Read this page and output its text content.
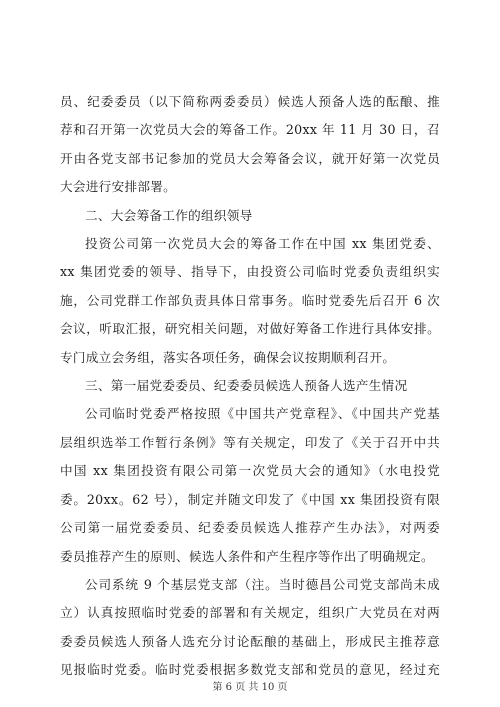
员、纪委委员（以下简称两委委员）候选人预备人选的酝酿、推
荐和召开第一次党员大会的筹备工作。20xx 年 11 月 30 日，召
开由各党支部书记参加的党员大会筹备会议，就开好第一次党员
大会进行安排部署。
二、大会筹备工作的组织领导
投资公司第一次党员大会的筹备工作在中国 xx 集团党委、
xx 集团党委的领导、指导下，由投资公司临时党委负责组织实
施，公司党群工作部负责具体日常事务。临时党委先后召开 6 次
会议，听取汇报，研究相关问题，对做好筹备工作进行具体安排。
专门成立会务组，落实各项任务，确保会议按期顺利召开。
三、第一届党委委员、纪委委员候选人预备人选产生情况
公司临时党委严格按照《中国共产党章程》、《中国共产党基
层组织选举工作暂行条例》等有关规定，印发了《关于召开中共
中国 xx 集团投资有限公司第一次党员大会的通知》（水电投党
委。20xx。62 号），制定并随文印发了《中国 xx 集团投资有限
公司第一届党委委员、纪委委员候选人推荐产生办法》，对两委
委员推荐产生的原则、候选人条件和产生程序等作出了明确规定。
公司系统 9 个基层党支部（注。当时德昌公司党支部尚未成
立）认真按照临时党委的部署和有关规定，组织广大党员在对两
委委员候选人预备人选充分讨论酝酿的基础上，形成民主推荐意
见报临时党委。临时党委根据多数党支部和党员的意见，经过充
第 6 页 共 10 页
